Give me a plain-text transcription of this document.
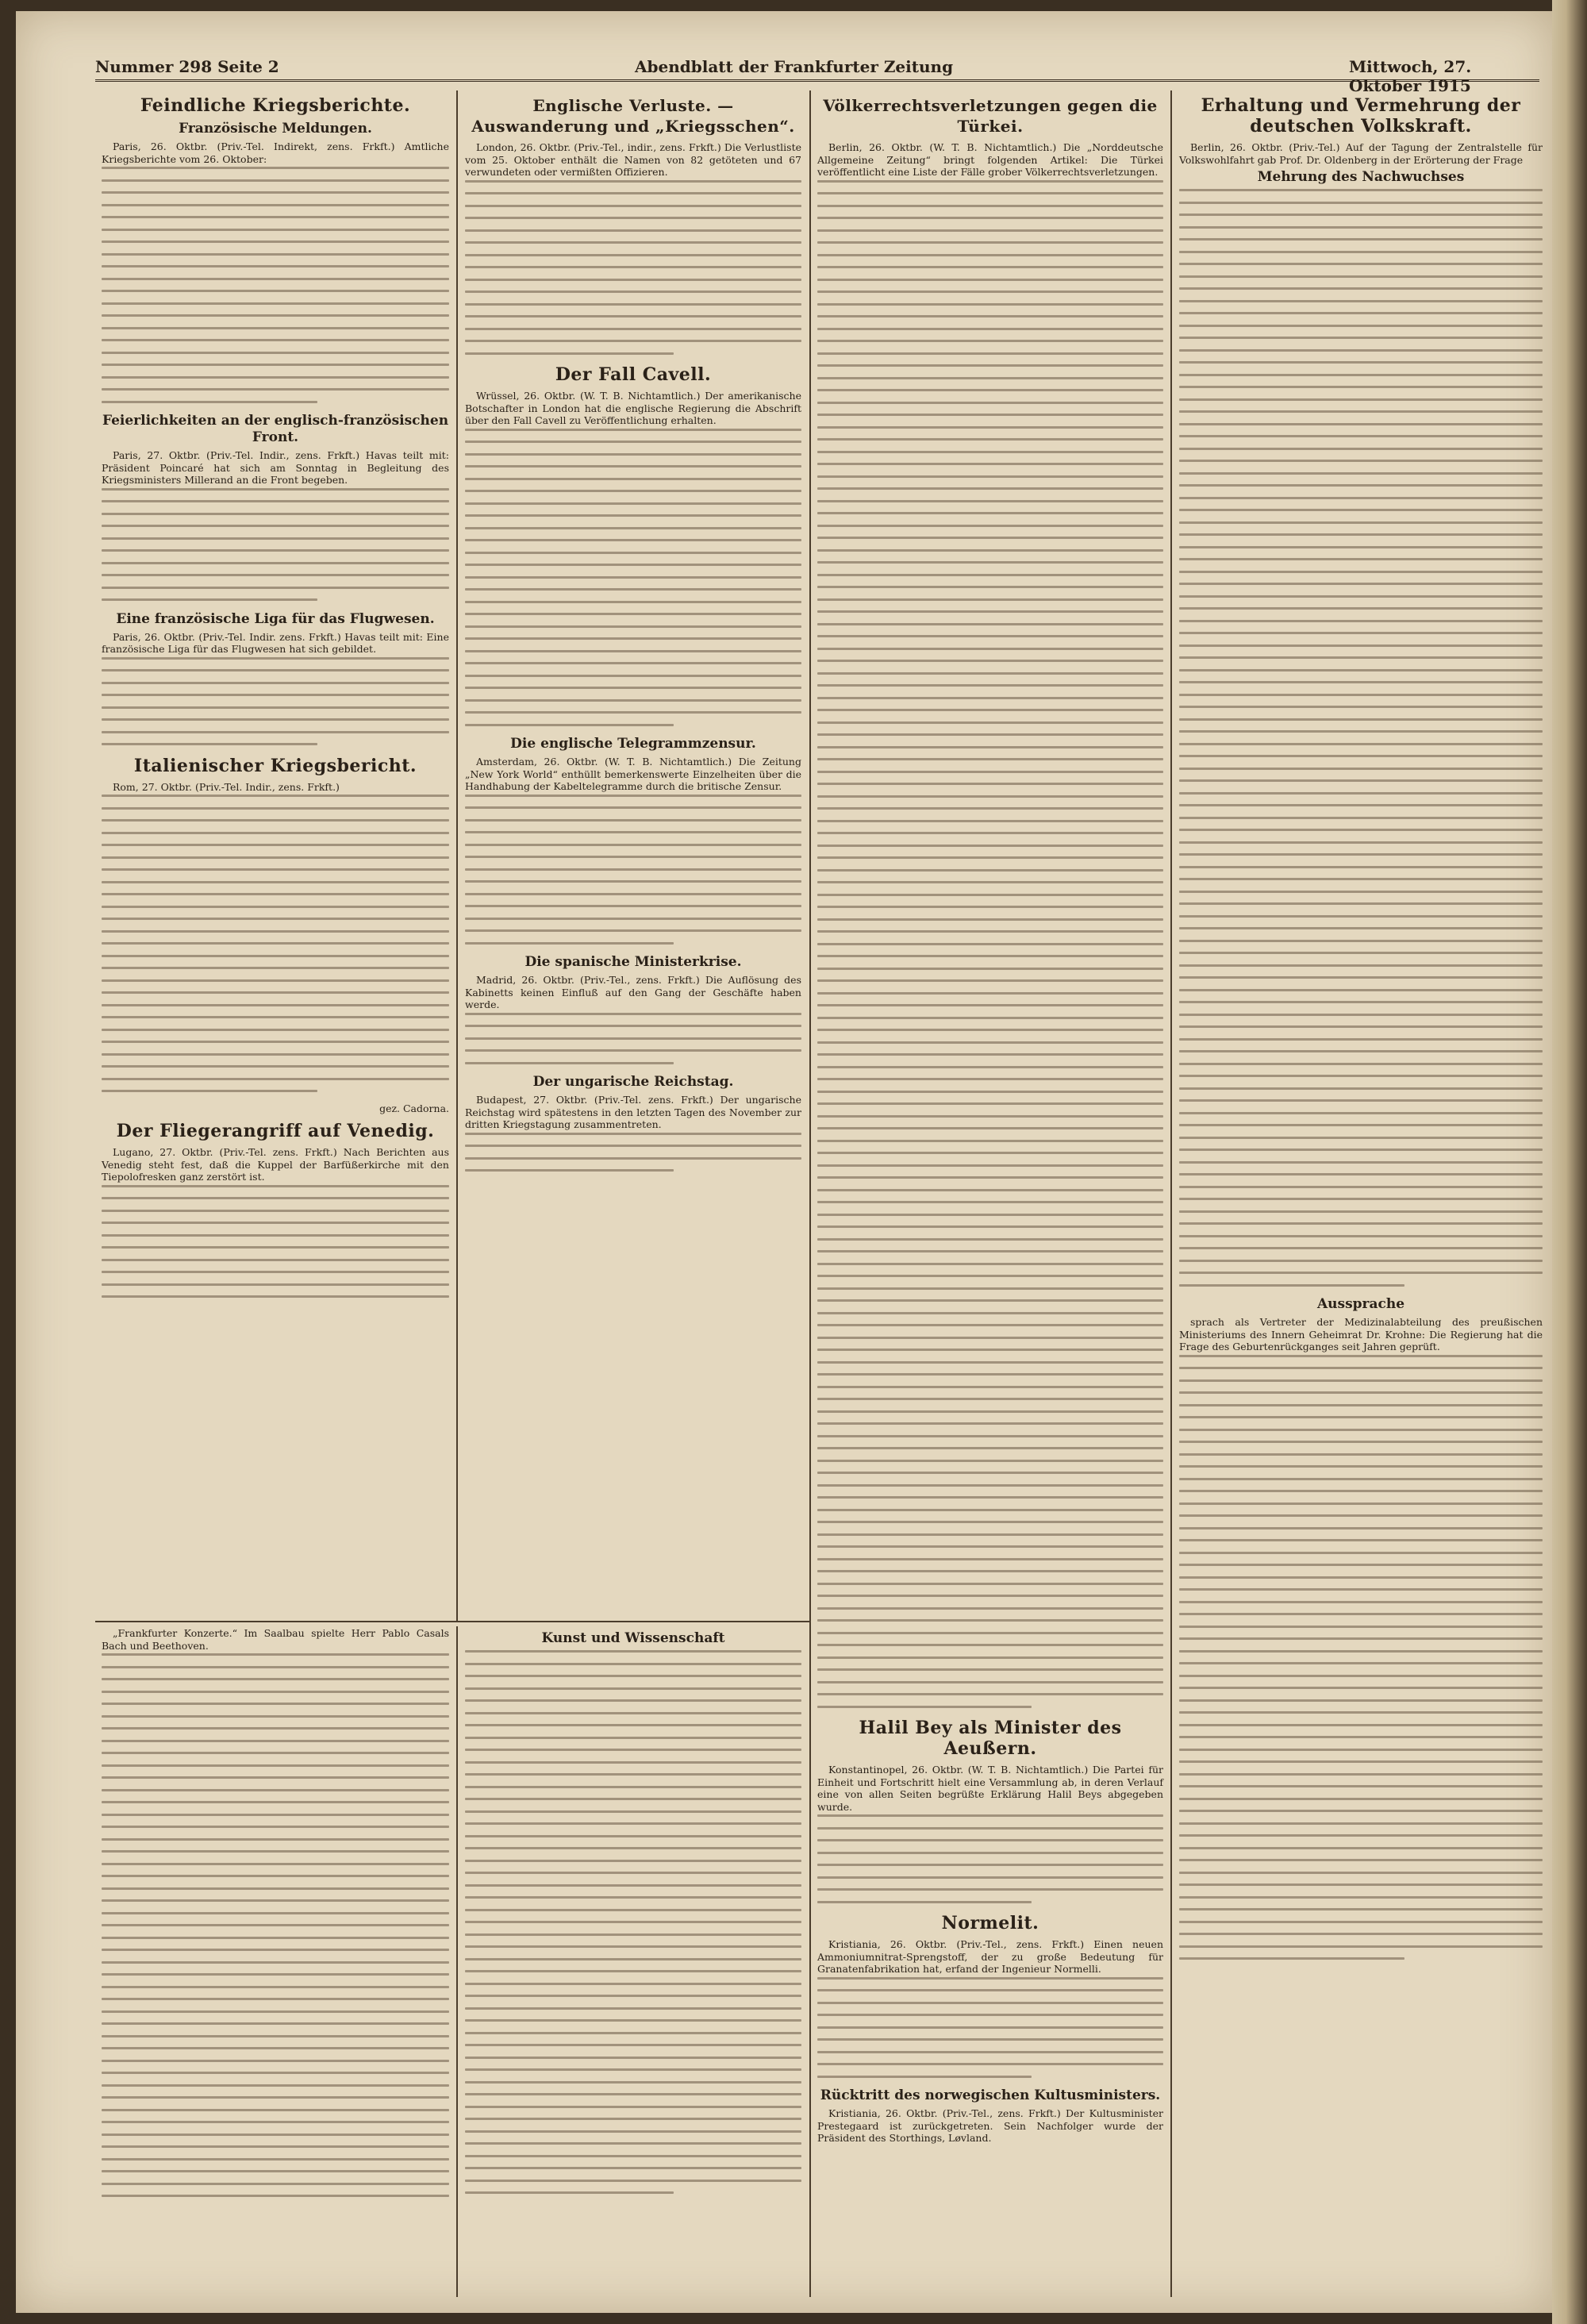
Nummer 298 Seite 2	Abendblatt der Frankfurter Zeitung	Mittwoch, 27. Oktober 1915
Feindliche Kriegsberichte.
Französische Meldungen.

Paris, 26. Oktbr. (Priv.-Tel. Indirekt, zens. Frkft.) Amtliche Kriegsberichte vom 26. Oktober:

Feierlichkeiten an der englisch-französischen Front.

Paris, 27. Oktbr. (Priv.-Tel. Indir., zens. Frkft.) Havas teilt mit: Präsident Poincaré hat sich am Sonntag in Begleitung des Kriegsministers Millerand an die Front begeben.

Eine französische Liga für das Flugwesen.

Paris, 26. Oktbr. (Priv.-Tel. Indir. zens. Frkft.) Havas teilt mit: Eine französische Liga für das Flugwesen hat sich gebildet.

Italienischer Kriegsbericht.

Rom, 27. Oktbr. (Priv.-Tel. Indir., zens. Frkft.)

gez. Cadorna.

Der Fliegerangriff auf Venedig.

Lugano, 27. Oktbr. (Priv.-Tel. zens. Frkft.) Nach Berichten aus Venedig steht fest, daß die Kuppel der Barfüßerkirche mit den Tiepolofresken ganz zerstört ist.

Englische Verluste. — Auswanderung und „Kriegsschen“.

London, 26. Oktbr. (Priv.-Tel., indir., zens. Frkft.) Die Verlustliste vom 25. Oktober enthält die Namen von 82 getöteten und 67 verwundeten oder vermißten Offizieren.

Der Fall Cavell.

Wrüssel, 26. Oktbr. (W. T. B. Nichtamtlich.) Der amerikanische Botschafter in London hat die englische Regierung die Abschrift über den Fall Cavell zu Veröffentlichung erhalten.

Die englische Telegrammzensur.

Amsterdam, 26. Oktbr. (W. T. B. Nichtamtlich.) Die Zeitung „New York World“ enthüllt bemerkenswerte Einzelheiten über die Handhabung der Kabeltelegramme durch die britische Zensur.

Die spanische Ministerkrise.

Madrid, 26. Oktbr. (Priv.-Tel., zens. Frkft.) Die Auflösung des Kabinetts keinen Einfluß auf den Gang der Geschäfte haben werde.

Der ungarische Reichstag.

Budapest, 27. Oktbr. (Priv.-Tel. zens. Frkft.) Der ungarische Reichstag wird spätestens in den letzten Tagen des November zur dritten Kriegstagung zusammentreten.

Völkerrechtsverletzungen gegen die Türkei.

Berlin, 26. Oktbr. (W. T. B. Nichtamtlich.) Die „Norddeutsche Allgemeine Zeitung“ bringt folgenden Artikel: Die Türkei veröffentlicht eine Liste der Fälle grober Völkerrechtsverletzungen.

Halil Bey als Minister des Aeußern.

Konstantinopel, 26. Oktbr. (W. T. B. Nichtamtlich.) Die Partei für Einheit und Fortschritt hielt eine Versammlung ab, in deren Verlauf eine von allen Seiten begrüßte Erklärung Halil Beys abgegeben wurde.

Normelit.

Kristiania, 26. Oktbr. (Priv.-Tel., zens. Frkft.) Einen neuen Ammoniumnitrat-Sprengstoff, der zu große Bedeutung für Granatenfabrikation hat, erfand der Ingenieur Normelli.

Rücktritt des norwegischen Kultusministers.

Kristiania, 26. Oktbr. (Priv.-Tel., zens. Frkft.) Der Kultusminister Prestegaard ist zurückgetreten. Sein Nachfolger wurde der Präsident des Storthings, Løvland.

Erhaltung und Vermehrung der deutschen Volkskraft.

Berlin, 26. Oktbr. (Priv.-Tel.) Auf der Tagung der Zentralstelle für Volkswohlfahrt gab Prof. Dr. Oldenberg in der Erörterung der Frage

Mehrung des Nachwuchses
Aussprache

sprach als Vertreter der Medizinalabteilung des preußischen Ministeriums des Innern Geheimrat Dr. Krohne: Die Regierung hat die Frage des Geburtenrückganges seit Jahren geprüft.

„Frankfurter Konzerte.“ Im Saalbau spielte Herr Pablo Casals Bach und Beethoven.	Kunst und Wissenschaft
